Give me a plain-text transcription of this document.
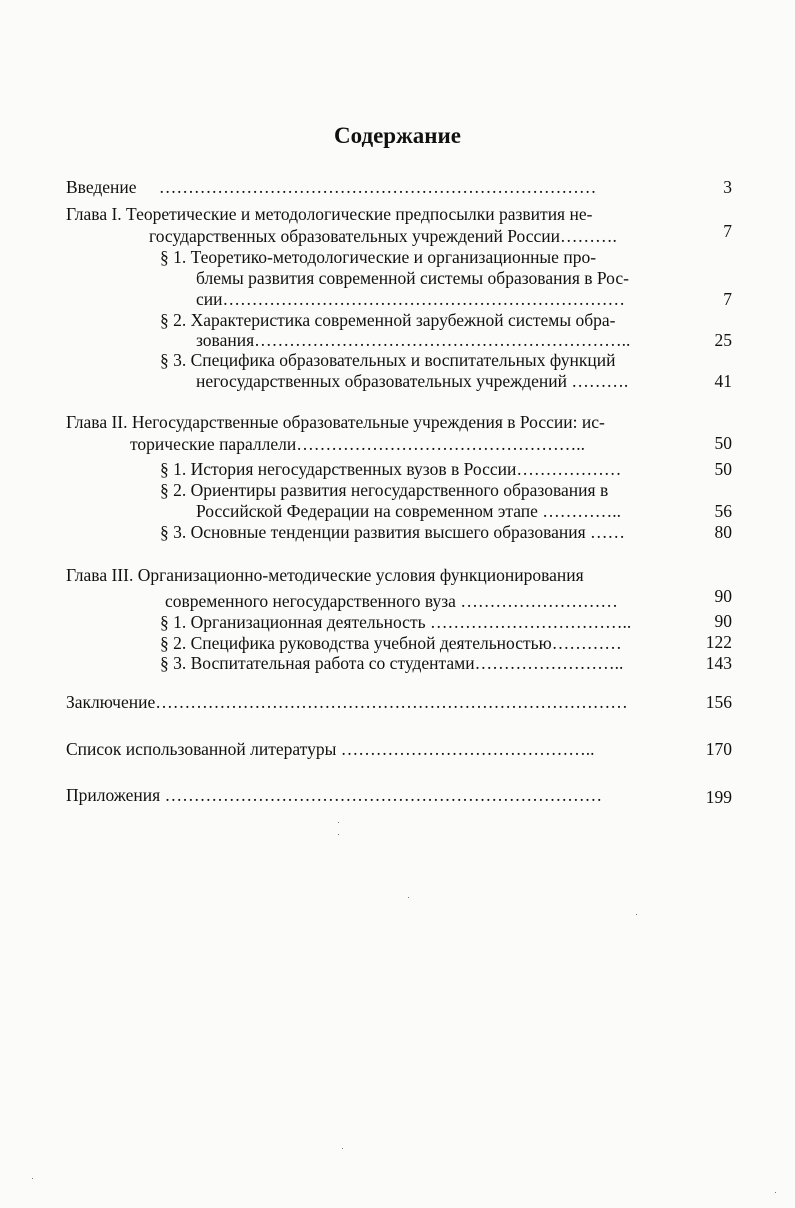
Содержание
Введение …………………………………………………………………	3
Глава I. Теоретические и методологические предпосылки развития не-
государственных образовательных учреждений России……….	7
§ 1. Теоретико-методологические и организационные про-
блемы развития современной системы образования в Рос-
сии……………………………………………………………	7
§ 2. Характеристика современной зарубежной системы обра-
зования………………………………………………………..	25
§ 3. Специфика образовательных и воспитательных функций
негосударственных образовательных учреждений ……….	41
Глава II. Негосударственные образовательные учреждения в России: ис-
торические параллели…………………………………………..	50
§ 1. История негосударственных вузов в России………………	50
§ 2. Ориентиры развития негосударственного образования в
Российской Федерации на современном этапе …………..	56
§ 3. Основные тенденции развития высшего образования ……	80
Глава III. Организационно-методические условия функционирования
современного негосударственного вуза ………………………	90
§ 1. Организационная деятельность ……………………………..	90
§ 2. Специфика руководства учебной деятельностью…………	122
§ 3. Воспитательная работа со студентами……………………..	143
Заключение………………………………………………………………………	156
Список использованной литературы ……………………………………..	170
Приложения …………………………………………………………………	199
